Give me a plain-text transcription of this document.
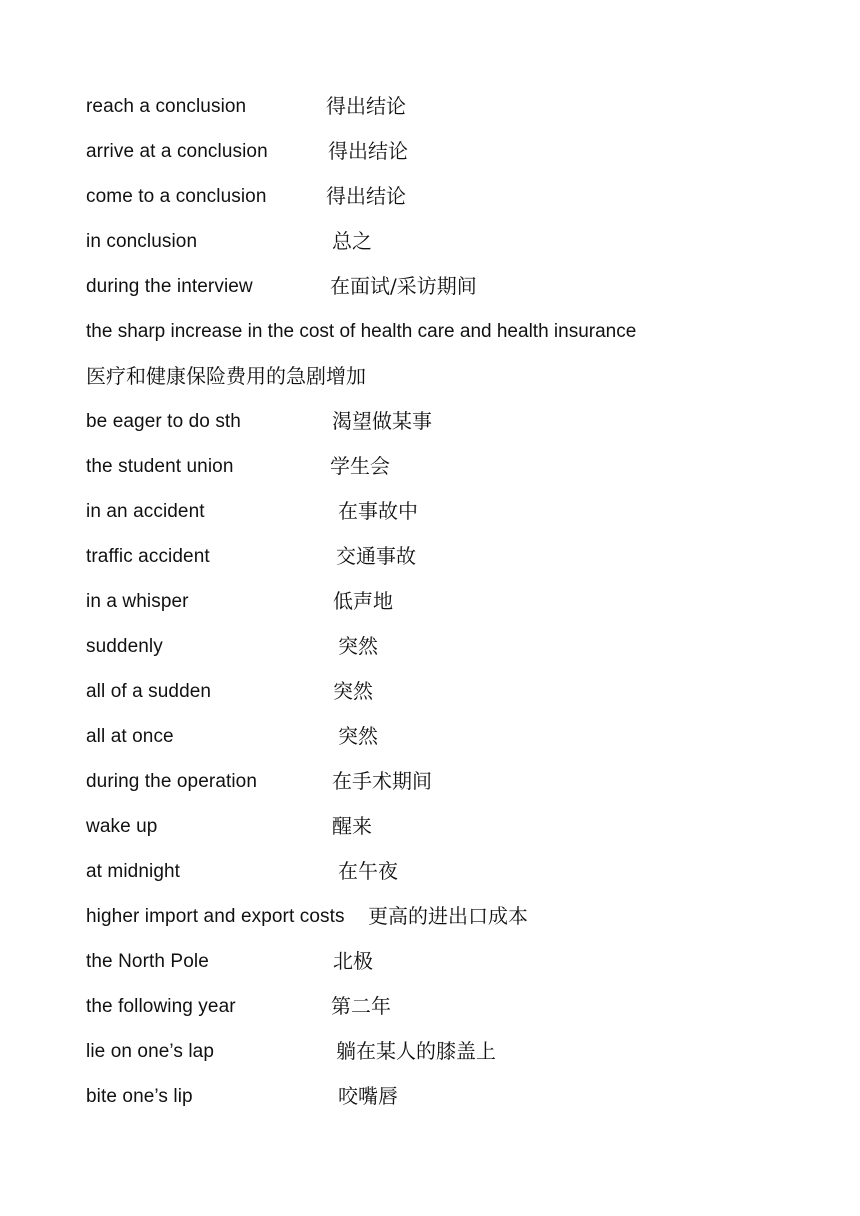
reach a conclusion	得出结论
arrive at a conclusion	得出结论
come to a conclusion	得出结论
in conclusion	总之
during the interview	在面试/采访期间
the sharp increase in the cost of health care and health insurance
医疗和健康保险费用的急剧增加
be eager to do sth	渴望做某事
the student union	学生会
in an accident	在事故中
traffic accident	交通事故
in a whisper	低声地
suddenly	突然
all of a sudden	突然
all at once	突然
during the operation	在手术期间
wake up	醒来
at midnight	在午夜
higher import and export costs 更高的进出口成本
the North Pole	北极
the following year	第二年
lie on one’s lap	躺在某人的膝盖上
bite one’s lip	咬嘴唇
